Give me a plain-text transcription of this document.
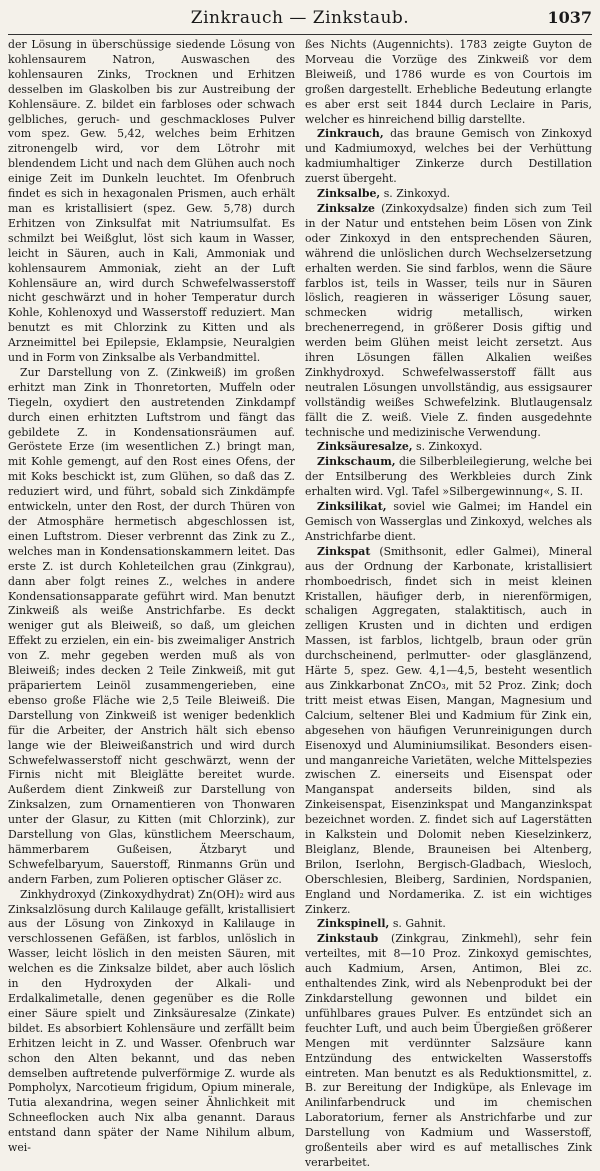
Zinkrauch — Zinkstaub.	1037

der Lösung in überschüssige siedende Lösung von kohlensaurem Natron, Auswaschen des kohlensauren Zinks, Trocknen und Erhitzen desselben im Glaskolben bis zur Austreibung der Kohlensäure. Z. bildet ein farbloses oder schwach gelbliches, geruch- und geschmackloses Pulver vom spez. Gew. 5,42, welches beim Erhitzen zitronengelb wird, vor dem Lötrohr mit blendendem Licht und nach dem Glühen auch noch einige Zeit im Dunkeln leuchtet. Im Ofenbruch findet es sich in hexagonalen Prismen, auch erhält man es kristallisiert (spez. Gew. 5,78) durch Erhitzen von Zinksulfat mit Natriumsulfat. Es schmilzt bei Weißglut, löst sich kaum in Wasser, leicht in Säuren, auch in Kali, Ammoniak und kohlensaurem Ammoniak, zieht an der Luft Kohlensäure an, wird durch Schwefelwasserstoff nicht geschwärzt und in hoher Temperatur durch Kohle, Kohlenoxyd und Wasserstoff reduziert. Man benutzt es mit Chlorzink zu Kitten und als Arzneimittel bei Epilepsie, Eklampsie, Neuralgien und in Form von Zinksalbe als Verbandmittel.

Zur Darstellung von Z. (Zinkweiß) im großen erhitzt man Zink in Thonretorten, Muffeln oder Tiegeln, oxydiert den austretenden Zinkdampf durch einen erhitzten Luftstrom und fängt das gebildete Z. in Kondensationsräumen auf. Geröstete Erze (im wesentlichen Z.) bringt man, mit Kohle gemengt, auf den Rost eines Ofens, der mit Koks beschickt ist, zum Glühen, so daß das Z. reduziert wird, und führt, sobald sich Zinkdämpfe entwickeln, unter den Rost, der durch Thüren von der Atmosphäre hermetisch abgeschlossen ist, einen Luftstrom. Dieser verbrennt das Zink zu Z., welches man in Kondensationskammern leitet. Das erste Z. ist durch Kohleteilchen grau (Zinkgrau), dann aber folgt reines Z., welches in andere Kondensationsapparate geführt wird. Man benutzt Zinkweiß als weiße Anstrichfarbe. Es deckt weniger gut als Bleiweiß, so daß, um gleichen Effekt zu erzielen, ein ein- bis zweimaliger Anstrich von Z. mehr gegeben werden muß als von Bleiweiß; indes decken 2 Teile Zinkweiß, mit gut präpariertem Leinöl zusammengerieben, eine ebenso große Fläche wie 2,5 Teile Bleiweiß. Die Darstellung von Zinkweiß ist weniger bedenklich für die Arbeiter, der Anstrich hält sich ebenso lange wie der Bleiweißanstrich und wird durch Schwefelwasserstoff nicht geschwärzt, wenn der Firnis nicht mit Bleiglätte bereitet wurde. Außerdem dient Zinkweiß zur Darstellung von Zinksalzen, zum Ornamentieren von Thonwaren unter der Glasur, zu Kitten (mit Chlorzink), zur Darstellung von Glas, künstlichem Meerschaum, hämmerbarem Gußeisen, Ätzbaryt und Schwefelbaryum, Sauerstoff, Rinmanns Grün und andern Farben, zum Polieren optischer Gläser zc.

Zinkhydroxyd (Zinkoxydhydrat) Zn(OH)₂ wird aus Zinksalzlösung durch Kalilauge gefällt, kristallisiert aus der Lösung von Zinkoxyd in Kalilauge in verschlossenen Gefäßen, ist farblos, unlöslich in Wasser, leicht löslich in den meisten Säuren, mit welchen es die Zinksalze bildet, aber auch löslich in den Hydroxyden der Alkali- und Erdalkalimetalle, denen gegenüber es die Rolle einer Säure spielt und Zinksäuresalze (Zinkate) bildet. Es absorbiert Kohlensäure und zerfällt beim Erhitzen leicht in Z. und Wasser. Ofenbruch war schon den Alten bekannt, und das neben demselben auftretende pulverförmige Z. wurde als Pompholyx, Narcotieum frigidum, Opium minerale, Tutia alexandrina, wegen seiner Ähnlichkeit mit Schneeflocken auch Nix alba genannt. Daraus entstand dann später der Name Nihilum album, wei-

ßes Nichts (Augennichts). 1783 zeigte Guyton de Morveau die Vorzüge des Zinkweiß vor dem Bleiweiß, und 1786 wurde es von Courtois im großen dargestellt. Erhebliche Bedeutung erlangte es aber erst seit 1844 durch Leclaire in Paris, welcher es hinreichend billig darstellte.

Zinkrauch, das braune Gemisch von Zinkoxyd und Kadmiumoxyd, welches bei der Verhüttung kadmiumhaltiger Zinkerze durch Destillation zuerst übergeht.

Zinksalbe, s. Zinkoxyd.

Zinksalze (Zinkoxydsalze) finden sich zum Teil in der Natur und entstehen beim Lösen von Zink oder Zinkoxyd in den entsprechenden Säuren, während die unlöslichen durch Wechselzersetzung erhalten werden. Sie sind farblos, wenn die Säure farblos ist, teils in Wasser, teils nur in Säuren löslich, reagieren in wässeriger Lösung sauer, schmecken widrig metallisch, wirken brechenerregend, in größerer Dosis giftig und werden beim Glühen meist leicht zersetzt. Aus ihren Lösungen fällen Alkalien weißes Zinkhydroxyd. Schwefelwasserstoff fällt aus neutralen Lösungen unvollständig, aus essigsaurer vollständig weißes Schwefelzink. Blutlaugensalz fällt die Z. weiß. Viele Z. finden ausgedehnte technische und medizinische Verwendung.

Zinksäuresalze, s. Zinkoxyd.

Zinkschaum, die Silberbleilegierung, welche bei der Entsilberung des Werkbleies durch Zink erhalten wird. Vgl. Tafel »Silbergewinnung«, S. II.

Zinksilikat, soviel wie Galmei; im Handel ein Gemisch von Wasserglas und Zinkoxyd, welches als Anstrichfarbe dient.

Zinkspat (Smithsonit, edler Galmei), Mineral aus der Ordnung der Karbonate, kristallisiert rhomboedrisch, findet sich in meist kleinen Kristallen, häufiger derb, in nierenförmigen, schaligen Aggregaten, stalaktitisch, auch in zelligen Krusten und in dichten und erdigen Massen, ist farblos, lichtgelb, braun oder grün durchscheinend, perlmutter- oder glasglänzend, Härte 5, spez. Gew. 4,1—4,5, besteht wesentlich aus Zinkkarbonat ZnCO₃, mit 52 Proz. Zink; doch tritt meist etwas Eisen, Mangan, Magnesium und Calcium, seltener Blei und Kadmium für Zink ein, abgesehen von häufigen Verunreinigungen durch Eisenoxyd und Aluminiumsilikat. Besonders eisen- und manganreiche Varietäten, welche Mittelspezies zwischen Z. einerseits und Eisenspat oder Manganspat anderseits bilden, sind als Zinkeisenspat, Eisenzinkspat und Manganzinkspat bezeichnet worden. Z. findet sich auf Lagerstätten in Kalkstein und Dolomit neben Kieselzinkerz, Bleiglanz, Blende, Brauneisen bei Altenberg, Brilon, Iserlohn, Bergisch-Gladbach, Wiesloch, Oberschlesien, Bleiberg, Sardinien, Nordspanien, England und Nordamerika. Z. ist ein wichtiges Zinkerz.

Zinkspinell, s. Gahnit.

Zinkstaub (Zinkgrau, Zinkmehl), sehr fein verteiltes, mit 8—10 Proz. Zinkoxyd gemischtes, auch Kadmium, Arsen, Antimon, Blei zc. enthaltendes Zink, wird als Nebenprodukt bei der Zinkdarstellung gewonnen und bildet ein unfühlbares graues Pulver. Es entzündet sich an feuchter Luft, und auch beim Übergießen größerer Mengen mit verdünnter Salzsäure kann Entzündung des entwickelten Wasserstoffs eintreten. Man benutzt es als Reduktionsmittel, z. B. zur Bereitung der Indigküpe, als Enlevage im Anilinfarbendruck und im chemischen Laboratorium, ferner als Anstrichfarbe und zur Darstellung von Kadmium und Wasserstoff, großenteils aber wird es auf metallisches Zink verarbeitet.
